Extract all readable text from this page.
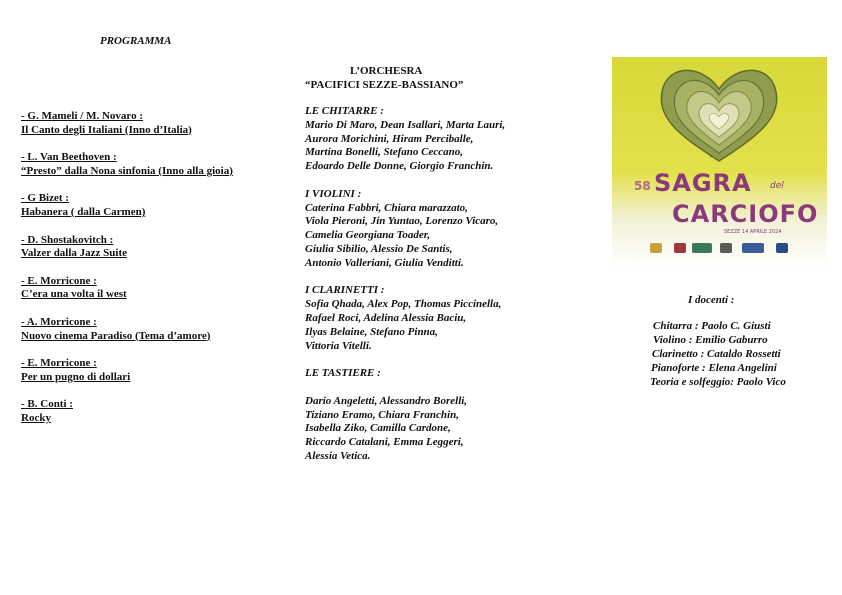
PROGRAMMA
- G. Mameli / M. Novaro :
Il Canto degli Italiani (Inno d’Italia)
- L. Van Beethoven :
“Presto” dalla Nona sinfonia (Inno alla gioia)
- G Bizet :
Habanera ( dalla Carmen)
- D. Shostakovitch :
Valzer dalla Jazz Suite
- E. Morricone :
C’era una volta il west
- A. Morricone :
Nuovo cinema Paradiso (Tema d’amore)
- E. Morricone :
Per un pugno di dollari
- B. Conti :
Rocky
L’ORCHESRA
“PACIFICI SEZZE-BASSIANO”
LE CHITARRE :
Mario Di Maro, Dean Isallari, Marta Lauri,
Aurora Morichini, Hiram Perciballe,
Martina Bonelli, Stefano Ceccano,
Edoardo Delle Donne, Giorgio Franchin.
I VIOLINI :
Caterina Fabbri, Chiara marazzato,
Viola Pieroni, Jin Yuntao, Lorenzo Vicaro,
Camelia Georgiana Toader,
Giulia Sibilio, Alessio De Santis,
Antonio Valleriani, Giulia Venditti.
I CLARINETTI :
Sofia Qhada, Alex Pop, Thomas Piccinella,
Rafael Roci, Adelina Alessia Baciu,
Ilyas Belaine, Stefano Pinna,
Vittoria Vitelli.
LE TASTIERE :
Dario Angeletti, Alessandro Borelli,
Tiziano Eramo, Chiara Franchin,
Isabella Ziko, Camilla Cardone,
Riccardo Catalani, Emma Leggeri,
Alessia Vetica.
58 SAGRA del
CARCIOFO
SEZZE 14 APRILE 2024
I docenti :
Chitarra : Paolo C. Giusti
Violino : Emilio Gaburro
Clarinetto : Cataldo Rossetti
Pianoforte : Elena Angelini
Teoria e solfeggio: Paolo Vico
